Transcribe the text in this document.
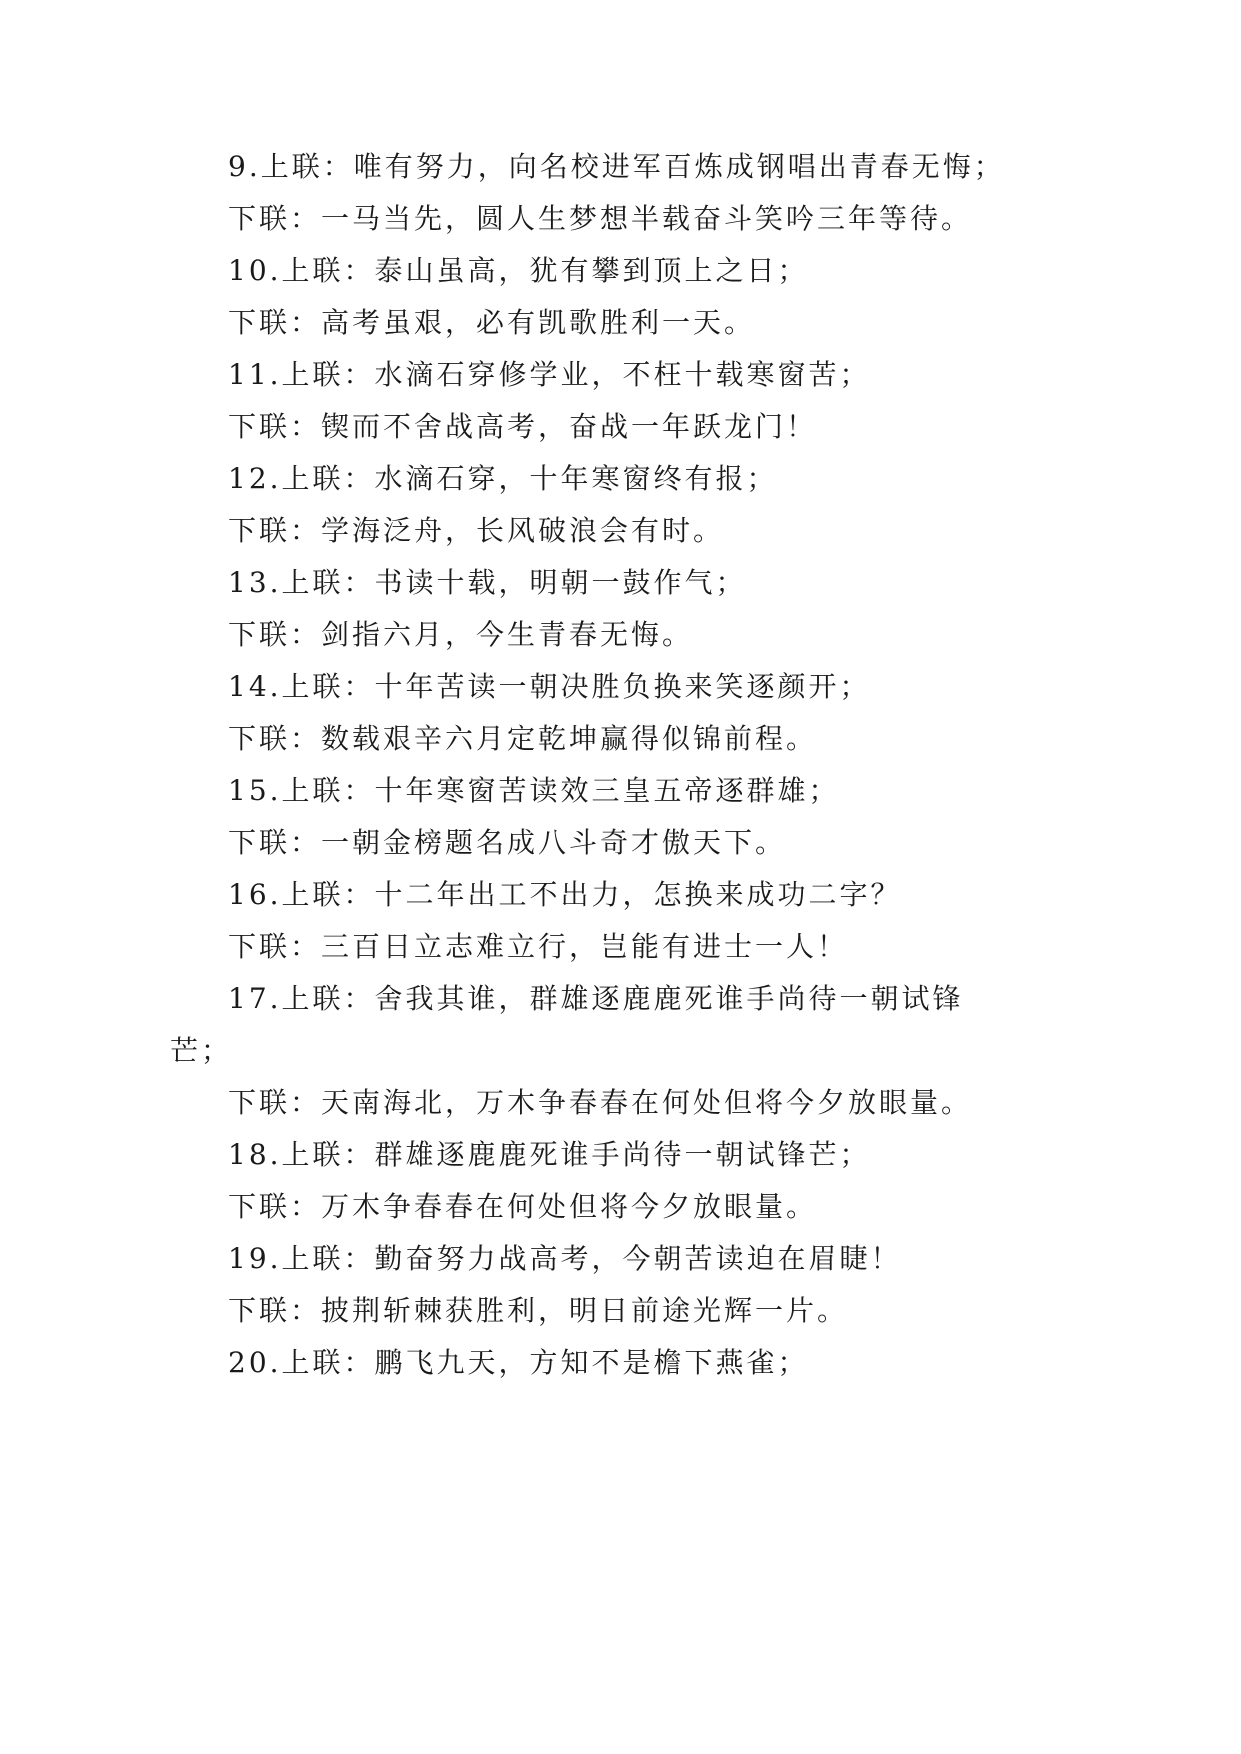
9.上联：唯有努力，向名校进军百炼成钢唱出青春无悔；
下联：一马当先，圆人生梦想半载奋斗笑吟三年等待。
10.上联：泰山虽高，犹有攀到顶上之日；
下联：高考虽艰，必有凯歌胜利一天。
11.上联：水滴石穿修学业，不枉十载寒窗苦；
下联：锲而不舍战高考，奋战一年跃龙门！
12.上联：水滴石穿，十年寒窗终有报；
下联：学海泛舟，长风破浪会有时。
13.上联：书读十载，明朝一鼓作气；
下联：剑指六月，今生青春无悔。
14.上联：十年苦读一朝决胜负换来笑逐颜开；
下联：数载艰辛六月定乾坤赢得似锦前程。
15.上联：十年寒窗苦读效三皇五帝逐群雄；
下联：一朝金榜题名成八斗奇才傲天下。
16.上联：十二年出工不出力，怎换来成功二字？
下联：三百日立志难立行，岂能有进士一人！
17.上联：舍我其谁，群雄逐鹿鹿死谁手尚待一朝试锋
芒；
下联：天南海北，万木争春春在何处但将今夕放眼量。
18.上联：群雄逐鹿鹿死谁手尚待一朝试锋芒；
下联：万木争春春在何处但将今夕放眼量。
19.上联：勤奋努力战高考，今朝苦读迫在眉睫！
下联：披荆斩棘获胜利，明日前途光辉一片。
20.上联：鹏飞九天，方知不是檐下燕雀；
